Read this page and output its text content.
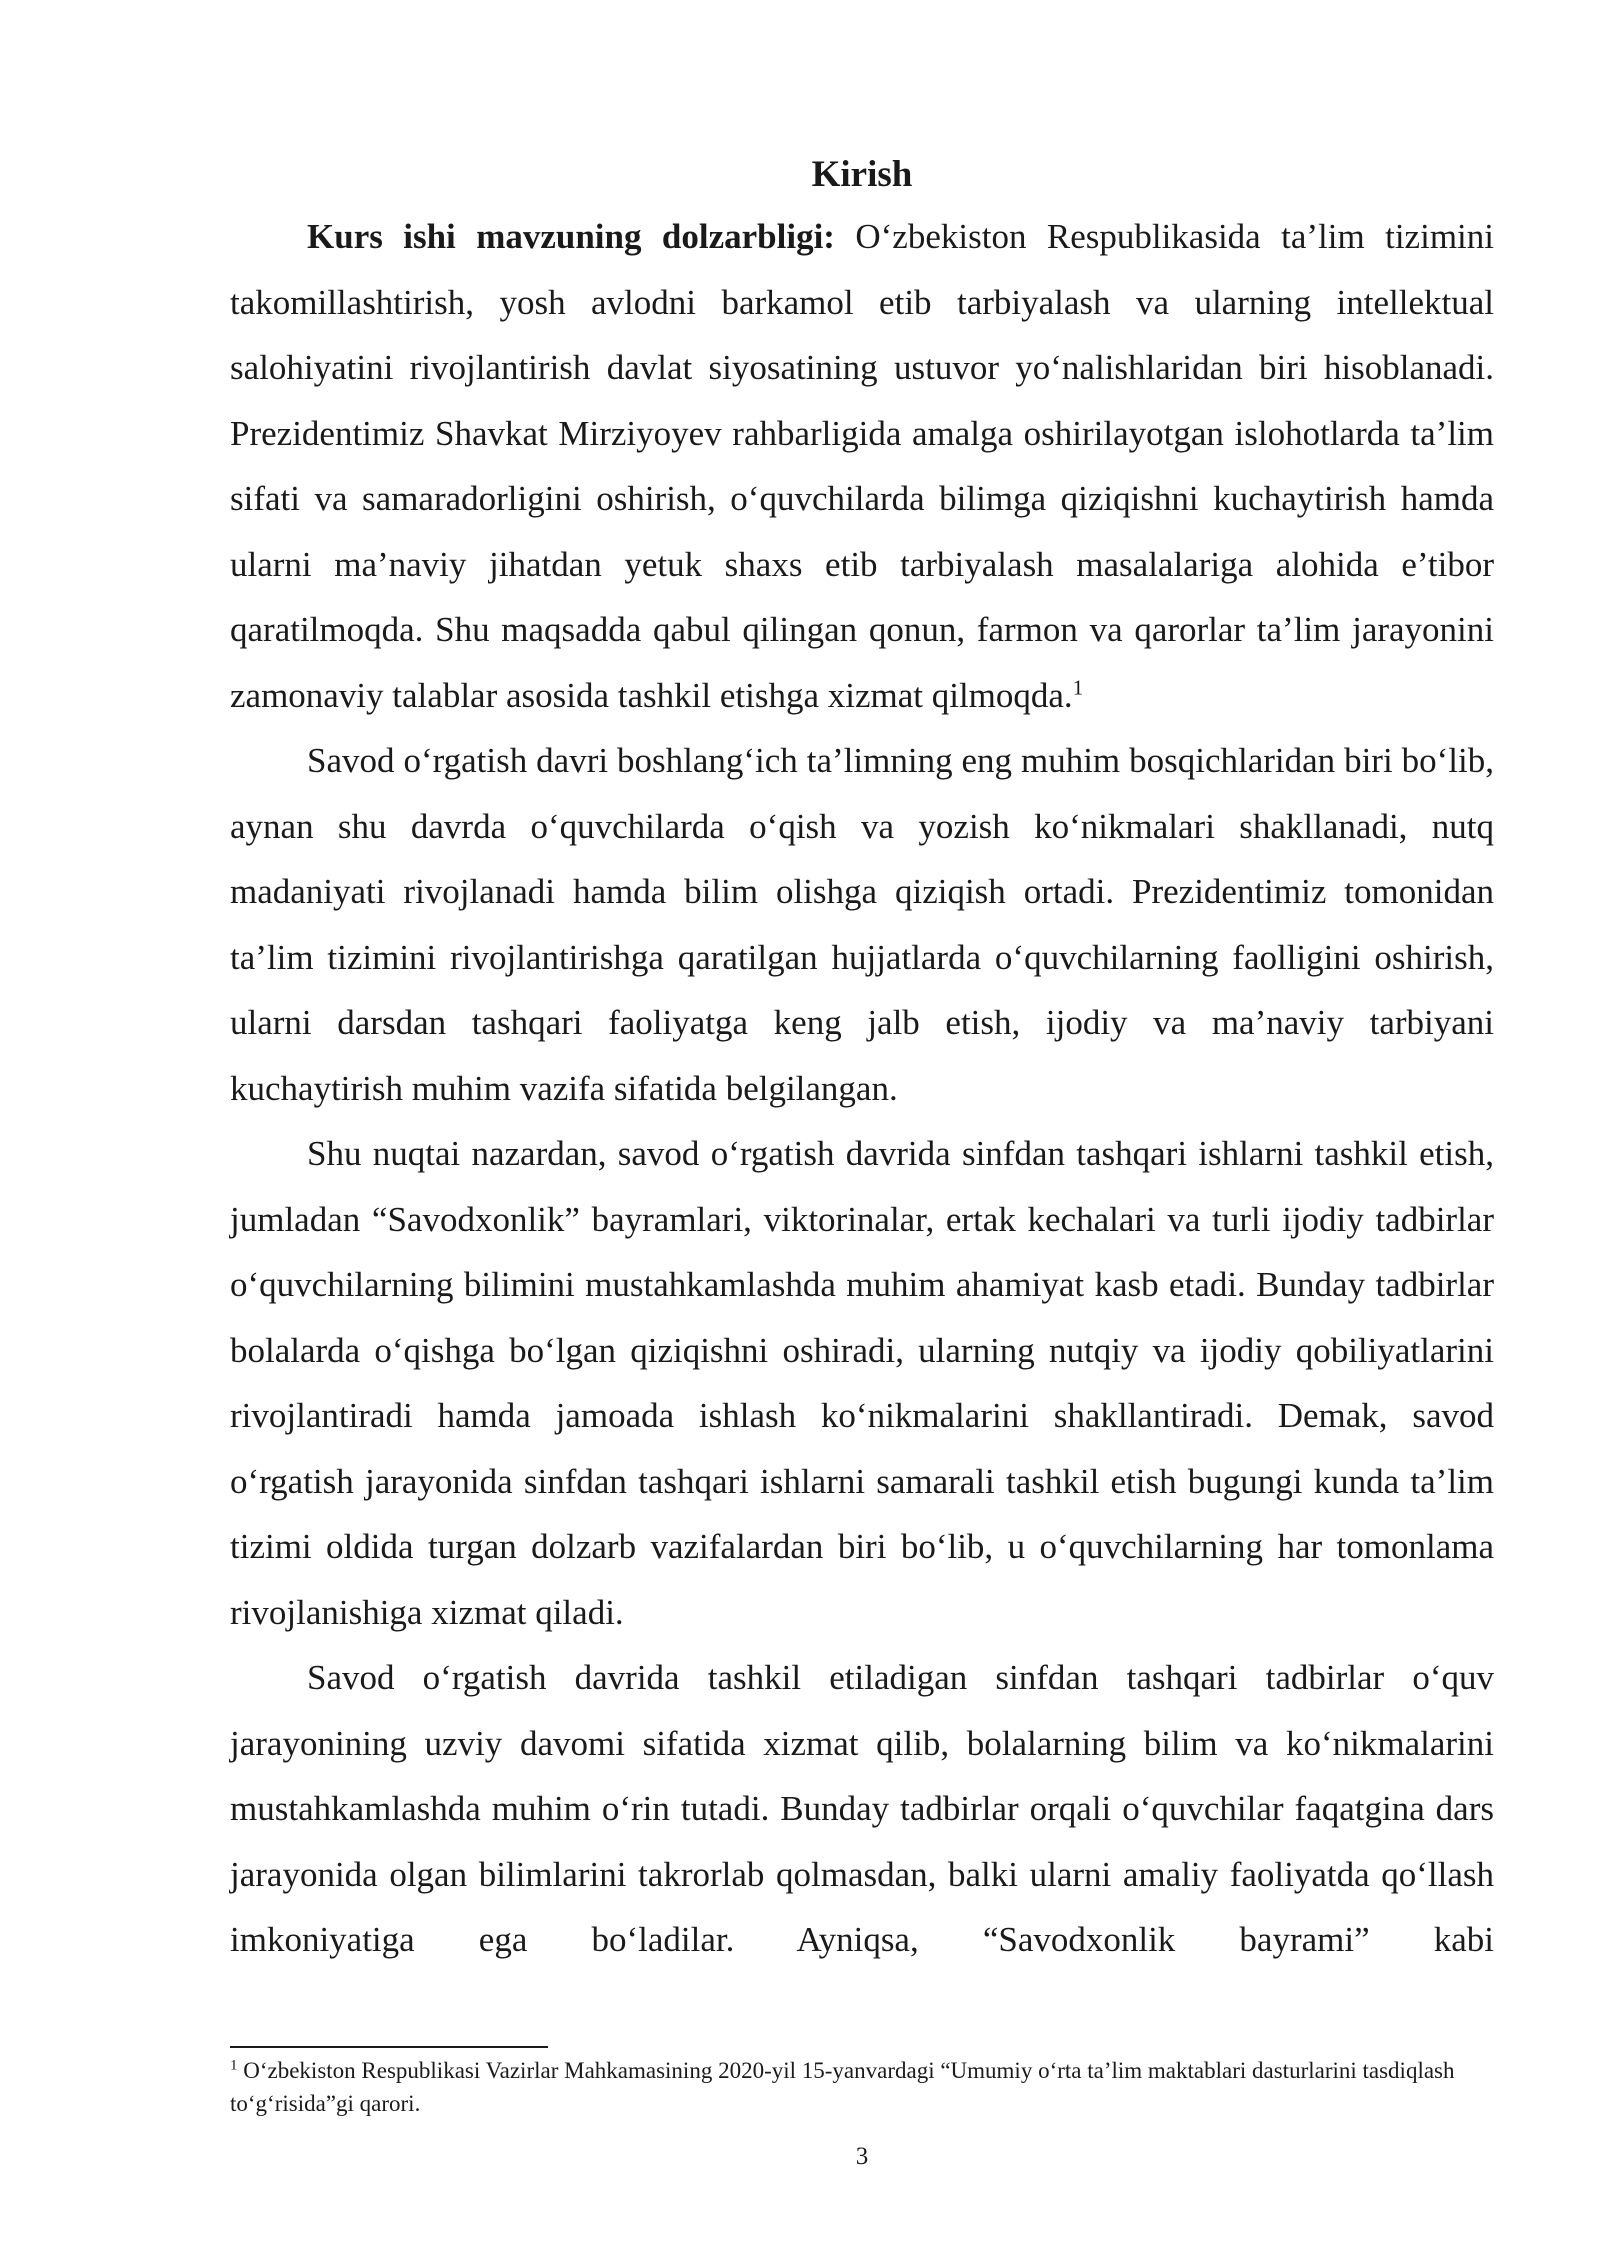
Kirish

Kurs ishi mavzuning dolzarbligi: O‘zbekiston Respublikasida ta’lim tizimini takomillashtirish, yosh avlodni barkamol etib tarbiyalash va ularning intellektual salohiyatini rivojlantirish davlat siyosatining ustuvor yo‘nalishlaridan biri hisoblanadi. Prezidentimiz Shavkat Mirziyoyev rahbarligida amalga oshirilayotgan islohotlarda ta’lim sifati va samaradorligini oshirish, o‘quvchilarda bilimga qiziqishni kuchaytirish hamda ularni ma’naviy jihatdan yetuk shaxs etib tarbiyalash masalalariga alohida e’tibor qaratilmoqda. Shu maqsadda qabul qilingan qonun, farmon va qarorlar ta’lim jarayonini zamonaviy talablar asosida tashkil etishga xizmat qilmoqda.$^1$

Savod o‘rgatish davri boshlang‘ich ta’limning eng muhim bosqichlaridan biri bo‘lib, aynan shu davrda o‘quvchilarda o‘qish va yozish ko‘nikmalari shakllanadi, nutq madaniyati rivojlanadi hamda bilim olishga qiziqish ortadi. Prezidentimiz tomonidan ta’lim tizimini rivojlantirishga qaratilgan hujjatlarda o‘quvchilarning faolligini oshirish, ularni darsdan tashqari faoliyatga keng jalb etish, ijodiy va ma’naviy tarbiyani kuchaytirish muhim vazifa sifatida belgilangan.

Shu nuqtai nazardan, savod o‘rgatish davrida sinfdan tashqari ishlarni tashkil etish, jumladan “Savodxonlik” bayramlari, viktorinalar, ertak kechalari va turli ijodiy tadbirlar o‘quvchilarning bilimini mustahkamlashda muhim ahamiyat kasb etadi. Bunday tadbirlar bolalarda o‘qishga bo‘lgan qiziqishni oshiradi, ularning nutqiy va ijodiy qobiliyatlarini rivojlantiradi hamda jamoada ishlash ko‘nikmalarini shakllantiradi. Demak, savod o‘rgatish jarayonida sinfdan tashqari ishlarni samarali tashkil etish bugungi kunda ta’lim tizimi oldida turgan dolzarb vazifalardan biri bo‘lib, u o‘quvchilarning har tomonlama rivojlanishiga xizmat qiladi.

Savod o‘rgatish davrida tashkil etiladigan sinfdan tashqari tadbirlar o‘quv jarayonining uzviy davomi sifatida xizmat qilib, bolalarning bilim va ko‘nikmalarini mustahkamlashda muhim o‘rin tutadi. Bunday tadbirlar orqali o‘quvchilar faqatgina dars jarayonida olgan bilimlarini takrorlab qolmasdan, balki ularni amaliy faoliyatda qo‘llash imkoniyatiga ega bo‘ladilar. Ayniqsa, “Savodxonlik bayrami” kabi

$^1$ O‘zbekiston Respublikasi Vazirlar Mahkamasining 2020-yil 15-yanvardagi “Umumiy o‘rta ta’lim maktablari dasturlarini tasdiqlash to‘g‘risida”gi qarori.

3
